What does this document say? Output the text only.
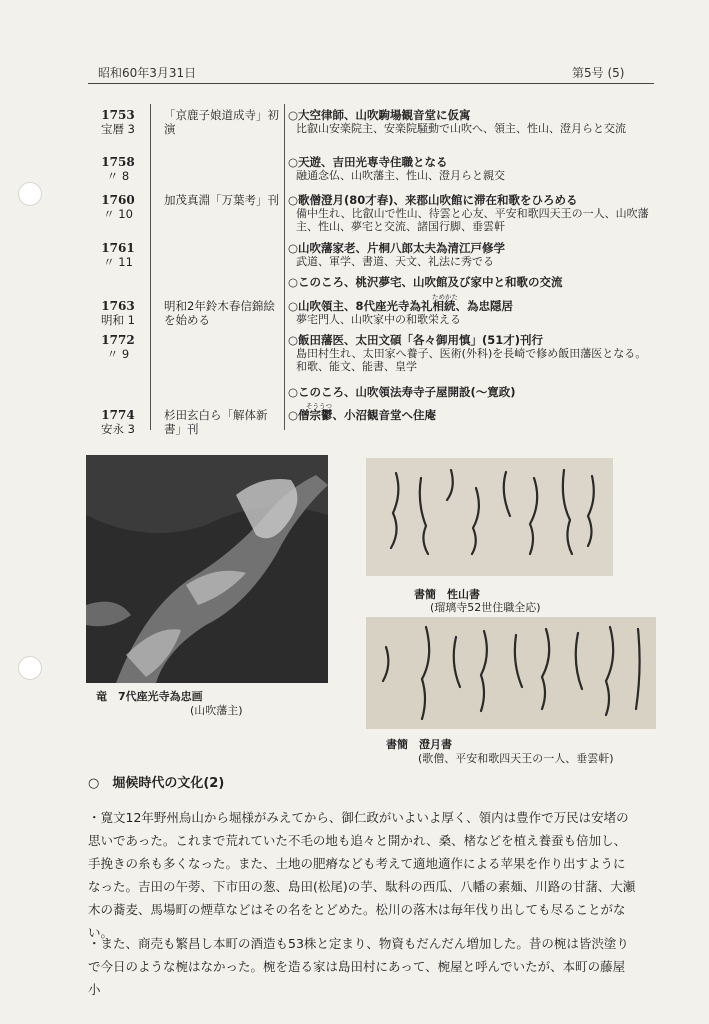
昭和60年3月31日	第5号 (5)
1753
宝暦 3
「京鹿子娘道成寺」初演
○大空律師、山吹駒場観音堂に仮寓
比叡山安楽院主、安楽院騒動で山吹へ、領主、性山、澄月らと交流
1758
〃 8
○天遊、吉田光専寺住職となる
融通念仏、山吹藩主、性山、澄月らと親交
1760
〃 10
加茂真淵「万葉考」刊 ○歌僧澄月(80才春)、来郡山吹館に滞在和歌をひろめる
備中生れ、比叡山で性山、待雲と心友、平安和歌四天王の一人、山吹藩主、性山、夢宅と交流、諸国行脚、垂雲軒
1761
〃 11
○山吹藩家老、片桐八郎太夫為清江戸修学
武道、軍学、書道、天文、礼法に秀でる
○このころ、桃沢夢宅、山吹館及び家中と和歌の交流
1763
明和 1
明和2年鈴木春信錦絵を始める
○山吹領主、8代座光寺為礼相続、為忠隠居
夢宅門人、山吹家中の和歌栄える
ためかた
1772
〃 9
○飯田藩医、太田文碩「各々御用慎」(51才)刊行
島田村生れ、太田家へ養子、医術(外科)を長崎で修め飯田藩医となる。和歌、能文、能書、皇学
○このころ、山吹領法寿寺子屋開設(〜寛政)
1774
安永 3
杉田玄白ら「解体新書」刊
○僧宗鬱、小沼観音堂へ住庵
そううつ
竜　7代座光寺為忠画
(山吹藩主)
書簡　性山書
(瑠璃寺52世住職全応)
書簡　澄月書
(歌僧、平安和歌四天王の一人、垂雲軒)
○　堀候時代の文化(2)
・寛文12年野州烏山から堀様がみえてから、御仁政がいよいよ厚く、領内は豊作で万民は安堵の思いであった。これまで荒れていた不毛の地も追々と開かれ、桑、楮などを植え養蚕も倍加し、手挽きの糸も多くなった。また、土地の肥瘠なども考えて適地適作による苹果を作り出すようになった。吉田の午蒡、下市田の葱、島田(松尾)の芋、駄科の西瓜、八幡の素麺、川路の甘藷、大瀬木の蕎麦、馬場町の煙草などはその名をとどめた。松川の落木は毎年伐り出しても尽ることがない。
・また、商売も繁昌し本町の酒造も53株と定まり、物資もだんだん増加した。昔の椀は皆渋塗りで今日のような椀はなかった。椀を造る家は島田村にあって、椀屋と呼んでいたが、本町の藤屋小
